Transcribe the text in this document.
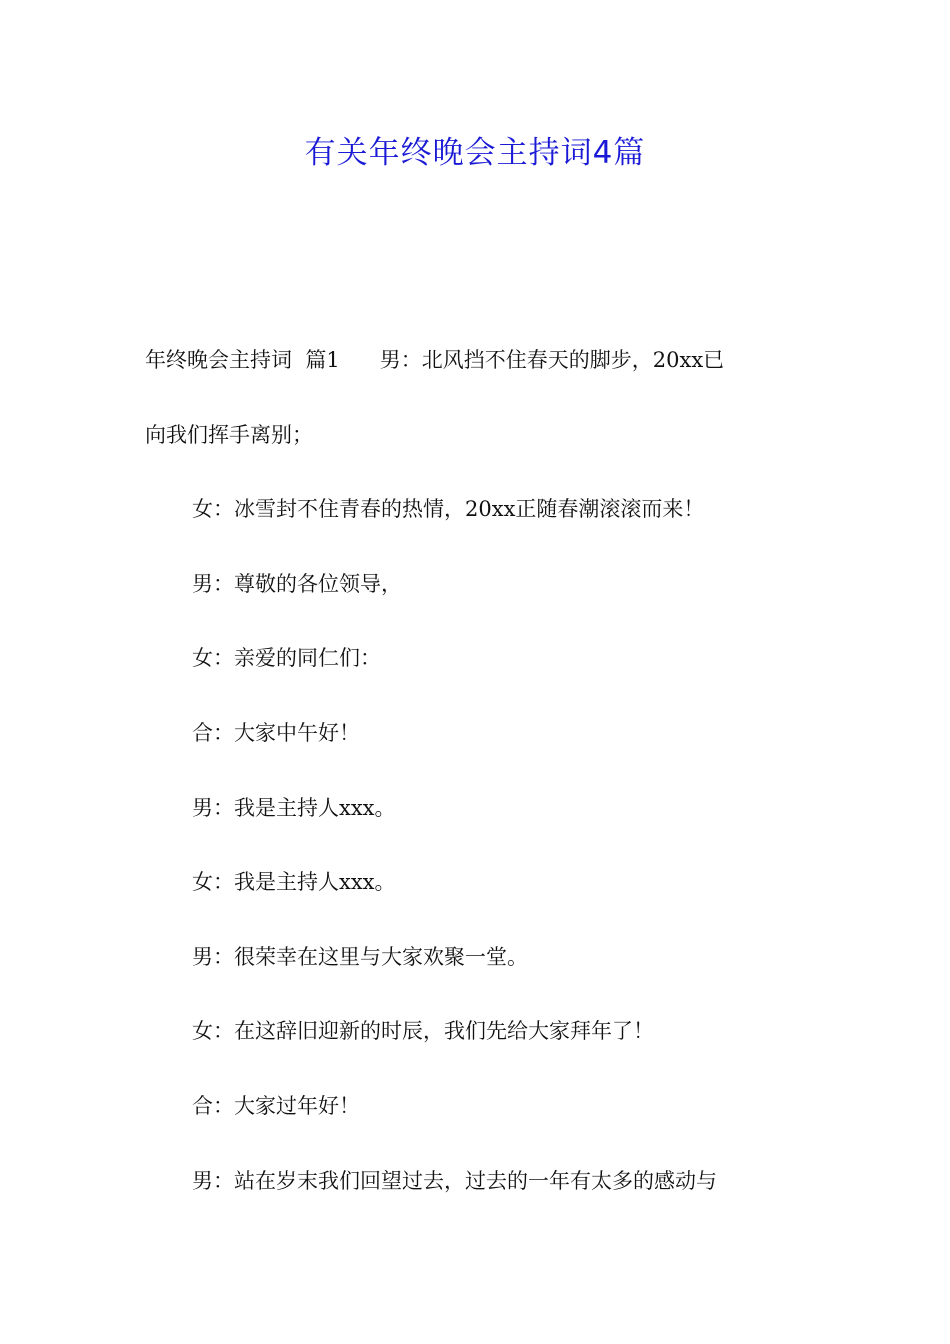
有关年终晚会主持词4篇
年终晚会主持词  篇1      男：北风挡不住春天的脚步，20xx已
向我们挥手离别；
女：冰雪封不住青春的热情，20xx正随春潮滚滚而来！
男：尊敬的各位领导，
女：亲爱的同仁们：
合：大家中午好！
男：我是主持人xxx。
女：我是主持人xxx。
男：很荣幸在这里与大家欢聚一堂。
女：在这辞旧迎新的时辰，我们先给大家拜年了！
合：大家过年好！
男：站在岁末我们回望过去，过去的一年有太多的感动与
